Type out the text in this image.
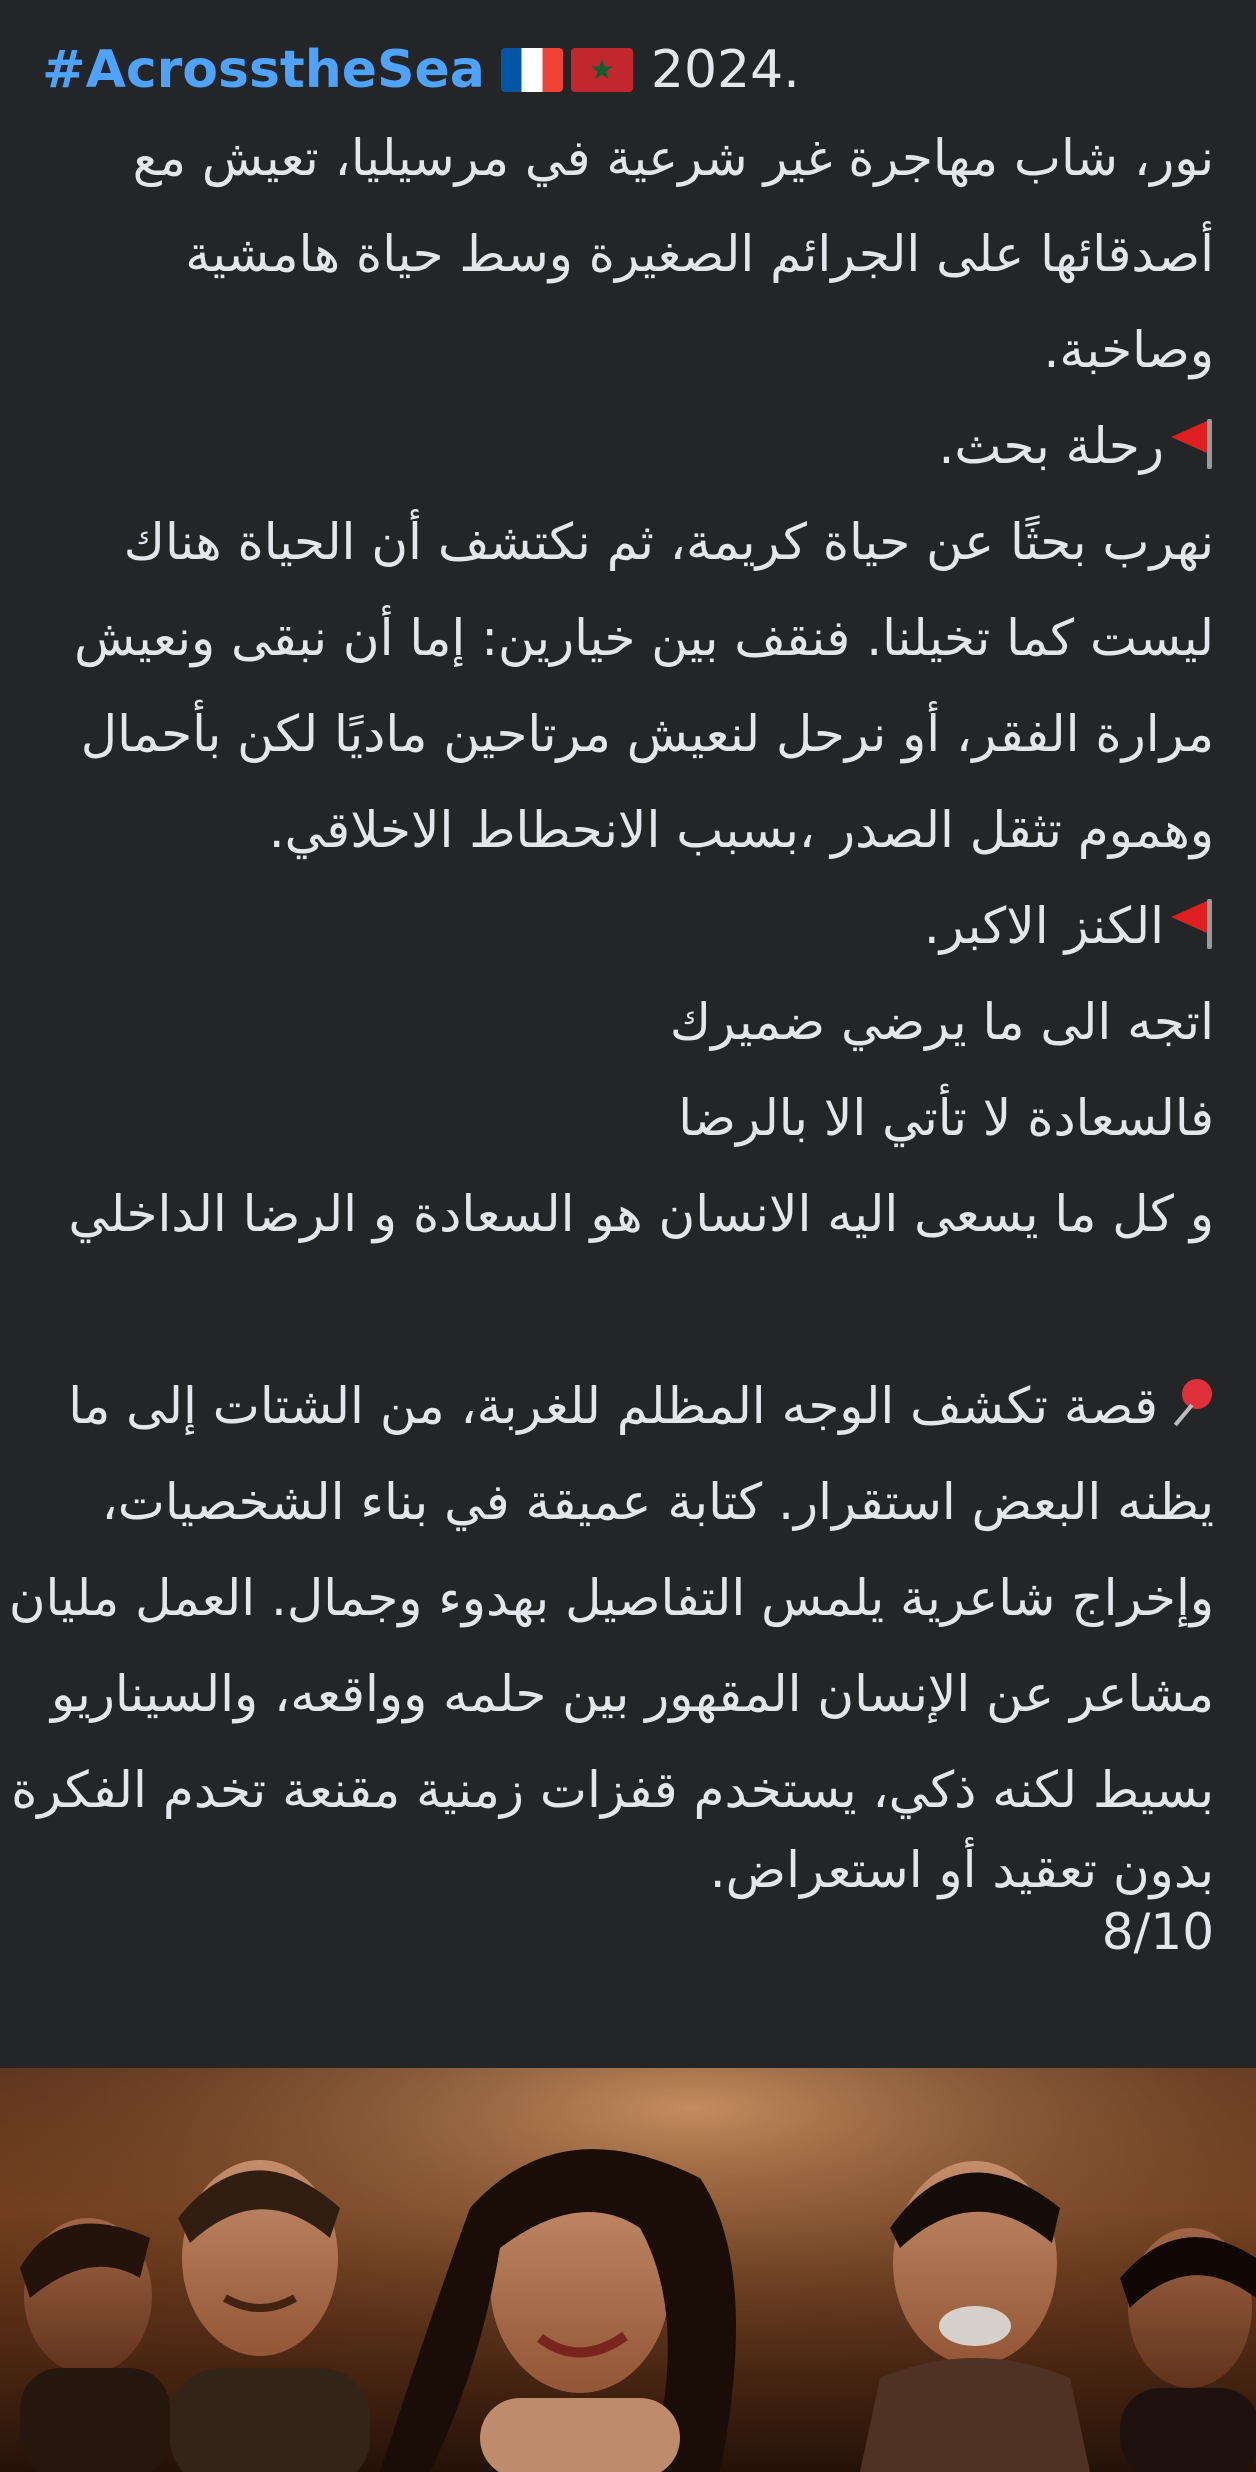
#AcrosstheSea	★ 2024.
نور، شاب مهاجرة غير شرعية في مرسيليا، تعيش مع
أصدقائها على الجرائم الصغيرة وسط حياة هامشية
وصاخبة.
رحلة بحث.
نهرب بحثًا عن حياة كريمة، ثم نكتشف أن الحياة هناك
ليست كما تخيلنا. فنقف بين خيارين: إما أن نبقى ونعيش
مرارة الفقر، أو نرحل لنعيش مرتاحين ماديًا لكن بأحمال
وهموم تثقل الصدر ،بسبب الانحطاط الاخلاقي.
الكنز الاكبر.
اتجه الى ما يرضي ضميرك
فالسعادة لا تأتي الا بالرضا
و كل ما يسعى اليه الانسان هو السعادة و الرضا الداخلي
قصة تكشف الوجه المظلم للغربة، من الشتات إلى ما
يظنه البعض استقرار. كتابة عميقة في بناء الشخصيات،
وإخراج شاعرية يلمس التفاصيل بهدوء وجمال. العمل مليان
مشاعر عن الإنسان المقهور بين حلمه وواقعه، والسيناريو
بسيط لكنه ذكي، يستخدم قفزات زمنية مقنعة تخدم الفكرة
بدون تعقيد أو استعراض.
8/10
